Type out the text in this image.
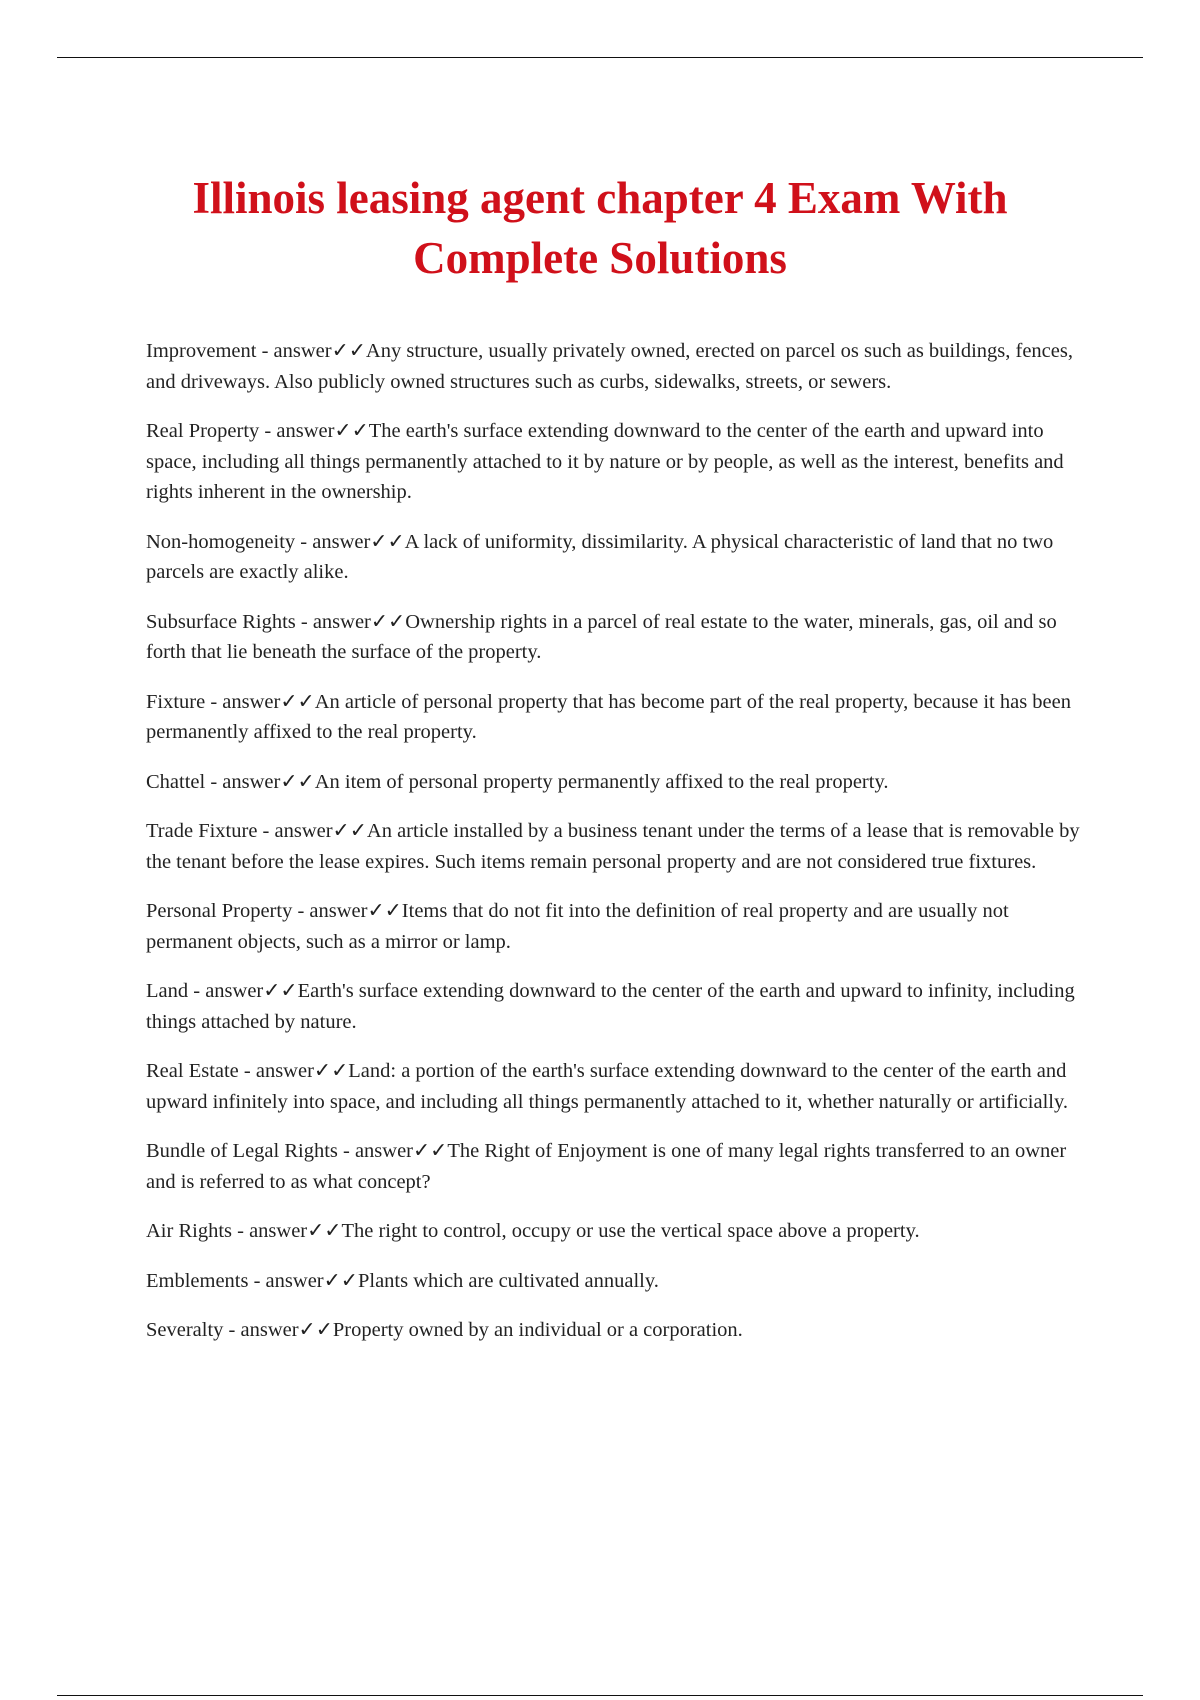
Illinois leasing agent chapter 4 Exam With Complete Solutions

Improvement - answer✓✓Any structure, usually privately owned, erected on parcel os such as buildings, fences, and driveways. Also publicly owned structures such as curbs, sidewalks, streets, or sewers.

Real Property - answer✓✓The earth's surface extending downward to the center of the earth and upward into space, including all things permanently attached to it by nature or by people, as well as the interest, benefits and rights inherent in the ownership.

Non-homogeneity - answer✓✓A lack of uniformity, dissimilarity. A physical characteristic of land that no two parcels are exactly alike.

Subsurface Rights - answer✓✓Ownership rights in a parcel of real estate to the water, minerals, gas, oil and so forth that lie beneath the surface of the property.

Fixture - answer✓✓An article of personal property that has become part of the real property, because it has been permanently affixed to the real property.

Chattel - answer✓✓An item of personal property permanently affixed to the real property.

Trade Fixture - answer✓✓An article installed by a business tenant under the terms of a lease that is removable by the tenant before the lease expires. Such items remain personal property and are not considered true fixtures.

Personal Property - answer✓✓Items that do not fit into the definition of real property and are usually not permanent objects, such as a mirror or lamp.

Land - answer✓✓Earth's surface extending downward to the center of the earth and upward to infinity, including things attached by nature.

Real Estate - answer✓✓Land: a portion of the earth's surface extending downward to the center of the earth and upward infinitely into space, and including all things permanently attached to it, whether naturally or artificially.

Bundle of Legal Rights - answer✓✓The Right of Enjoyment is one of many legal rights transferred to an owner and is referred to as what concept?

Air Rights - answer✓✓The right to control, occupy or use the vertical space above a property.

Emblements - answer✓✓Plants which are cultivated annually.

Severalty - answer✓✓Property owned by an individual or a corporation.
